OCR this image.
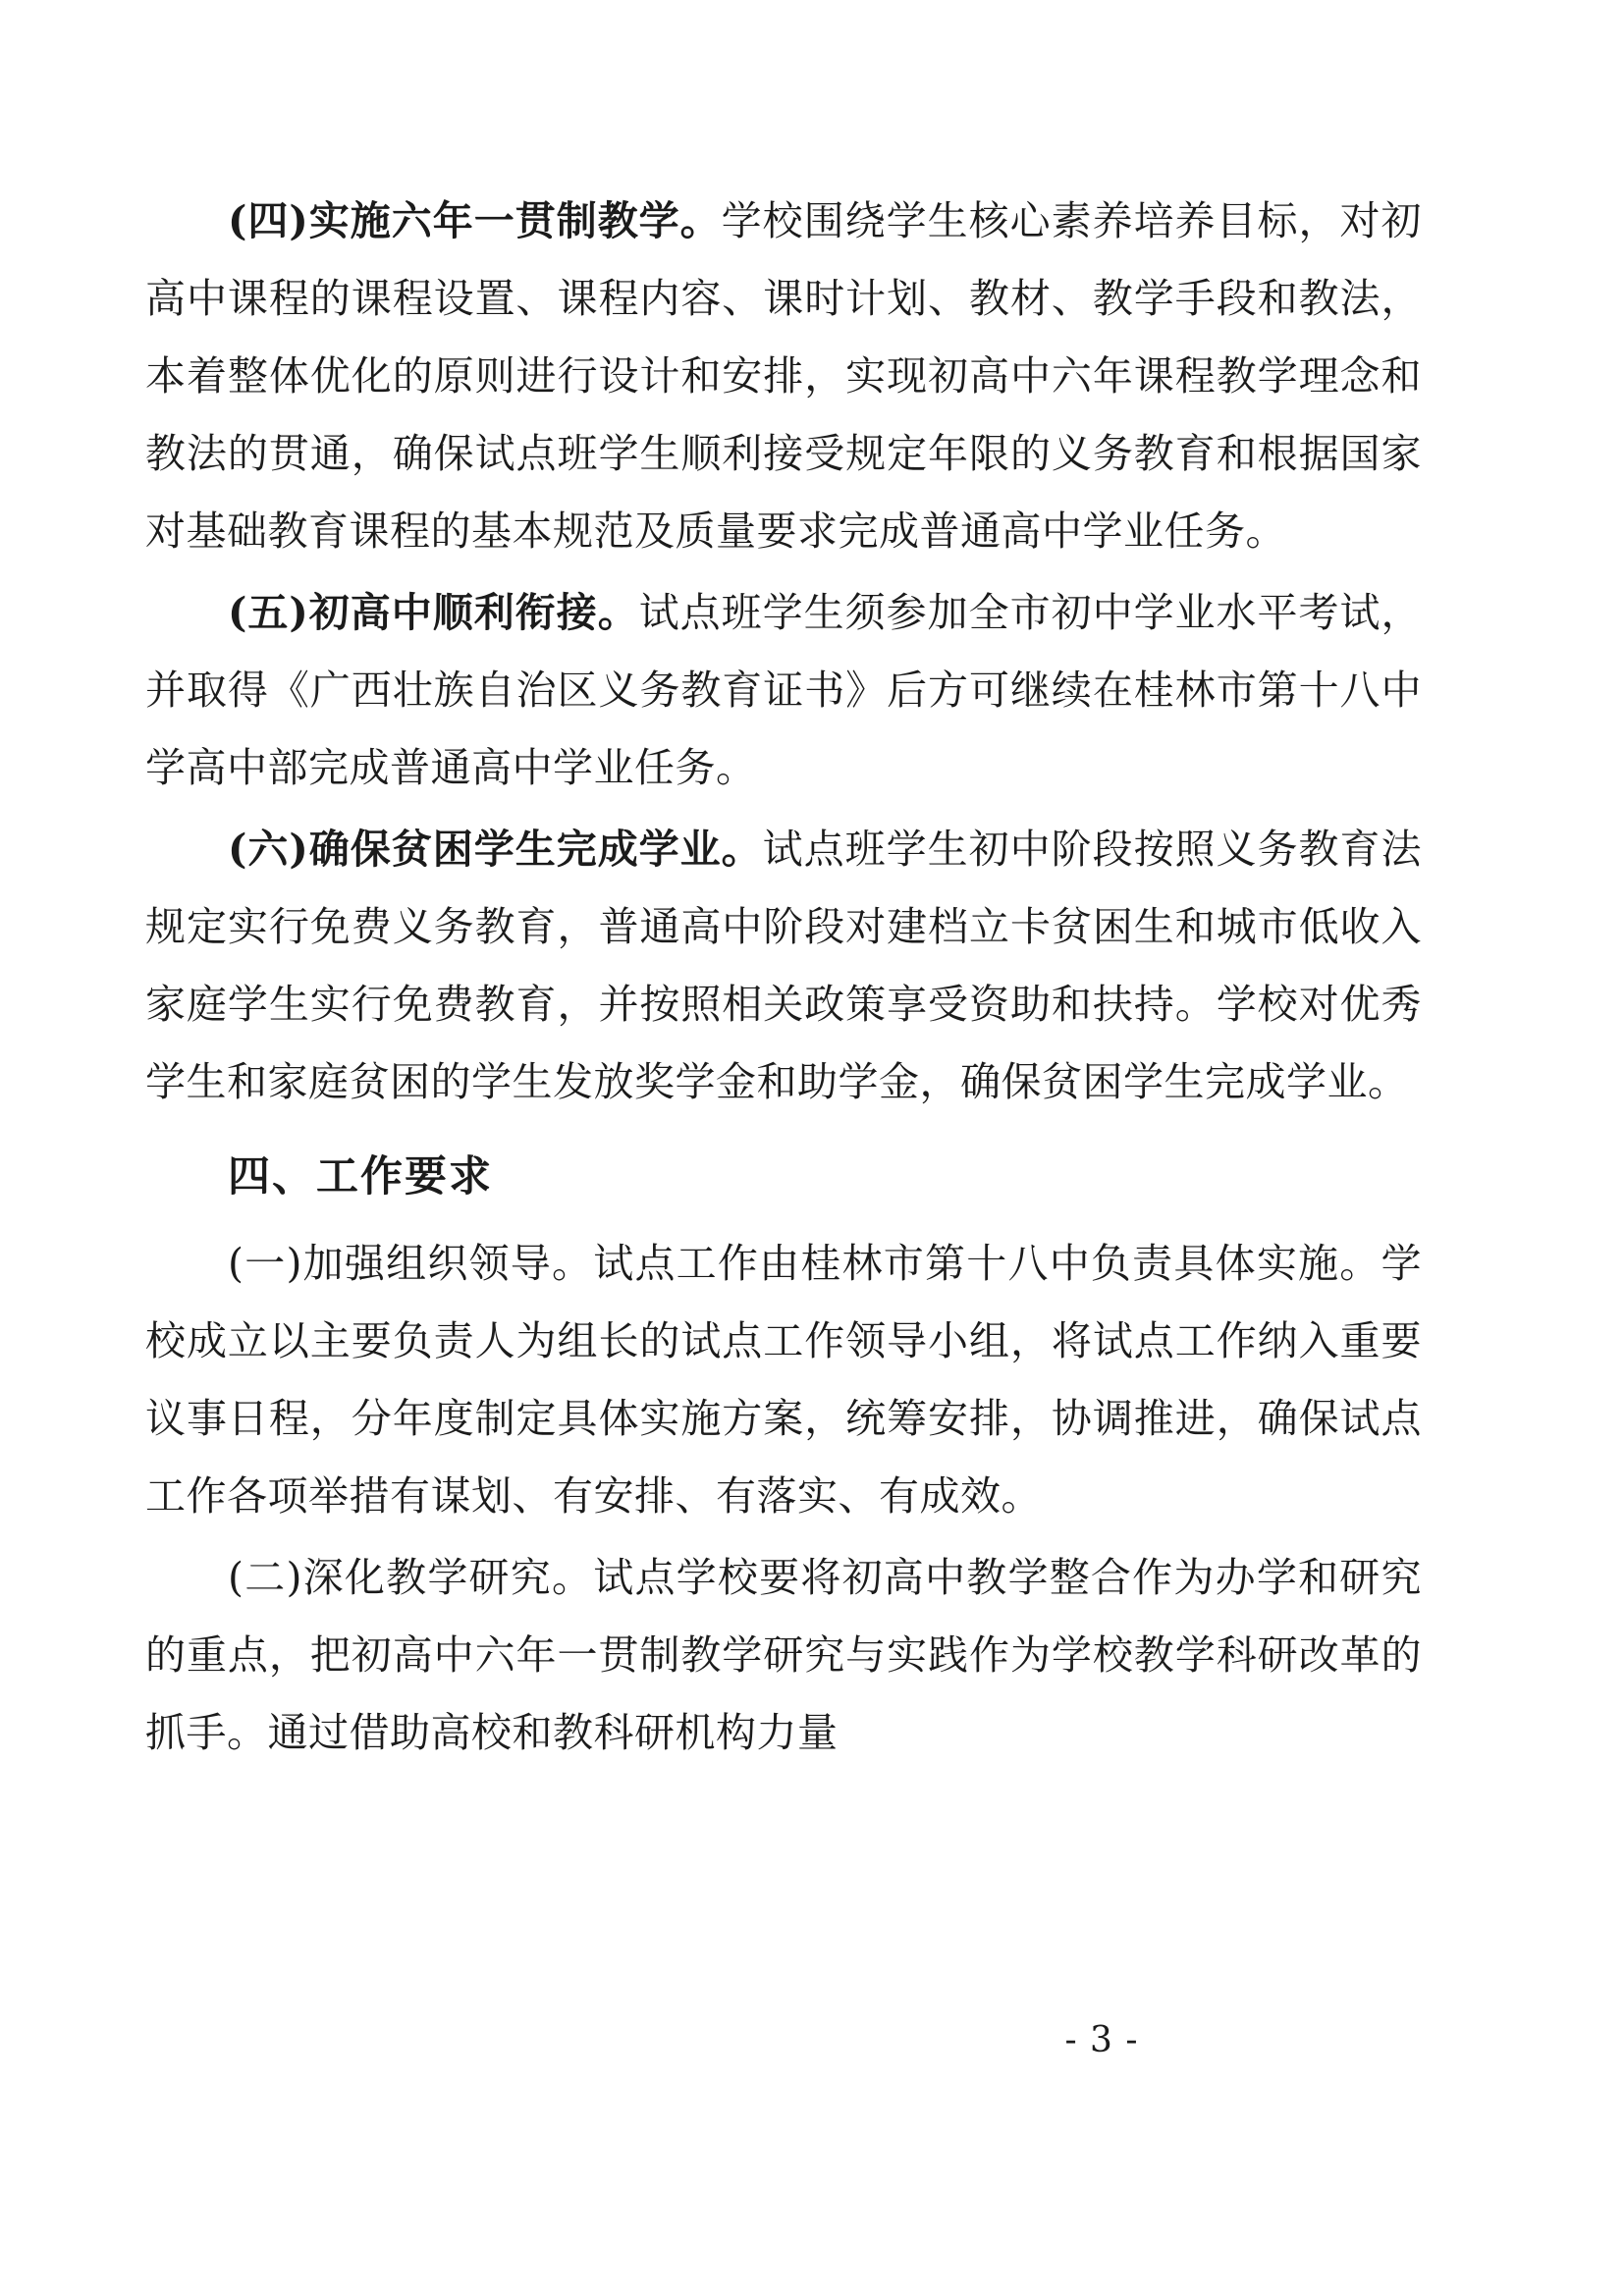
(四)实施六年一贯制教学。学校围绕学生核心素养培养目标，对初高中课程的课程设置、课程内容、课时计划、教材、教学手段和教法，本着整体优化的原则进行设计和安排，实现初高中六年课程教学理念和教法的贯通，确保试点班学生顺利接受规定年限的义务教育和根据国家对基础教育课程的基本规范及质量要求完成普通高中学业任务。

(五)初高中顺利衔接。试点班学生须参加全市初中学业水平考试，并取得《广西壮族自治区义务教育证书》后方可继续在桂林市第十八中学高中部完成普通高中学业任务。

(六)确保贫困学生完成学业。试点班学生初中阶段按照义务教育法规定实行免费义务教育，普通高中阶段对建档立卡贫困生和城市低收入家庭学生实行免费教育，并按照相关政策享受资助和扶持。学校对优秀学生和家庭贫困的学生发放奖学金和助学金，确保贫困学生完成学业。

四、工作要求

(一)加强组织领导。试点工作由桂林市第十八中负责具体实施。学校成立以主要负责人为组长的试点工作领导小组，将试点工作纳入重要议事日程，分年度制定具体实施方案，统筹安排，协调推进，确保试点工作各项举措有谋划、有安排、有落实、有成效。

(二)深化教学研究。试点学校要将初高中教学整合作为办学和研究的重点，把初高中六年一贯制教学研究与实践作为学校教学科研改革的抓手。通过借助高校和教科研机构力量

- 3 -
